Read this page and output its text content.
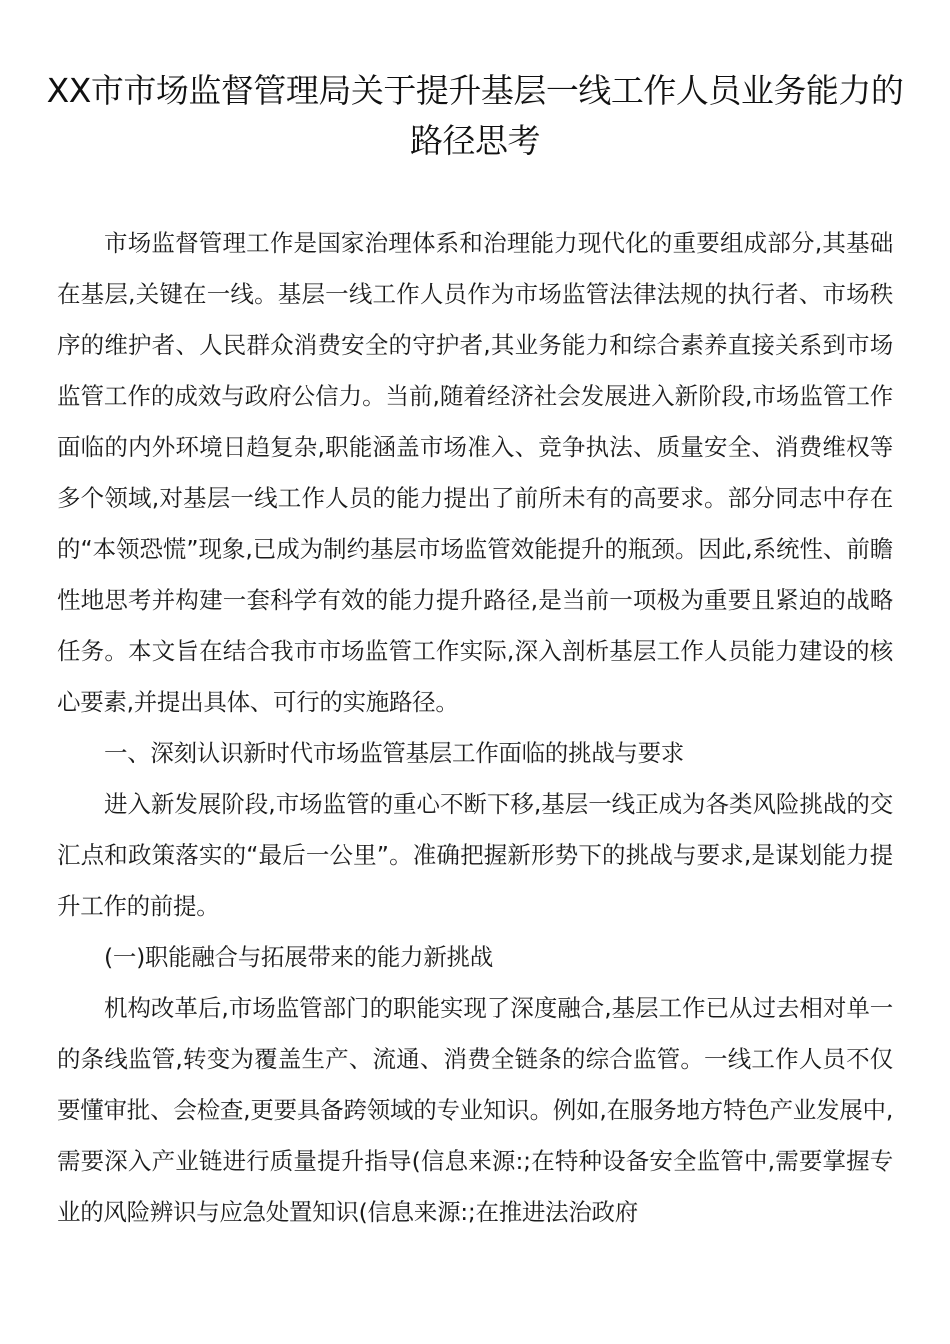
XX市市场监督管理局关于提升基层一线工作人员业务能力的路径思考

市场监督管理工作是国家治理体系和治理能力现代化的重要组成部分,其基础在基层,关键在一线。基层一线工作人员作为市场监管法律法规的执行者、市场秩序的维护者、人民群众消费安全的守护者,其业务能力和综合素养直接关系到市场监管工作的成效与政府公信力。当前,随着经济社会发展进入新阶段,市场监管工作面临的内外环境日趋复杂,职能涵盖市场准入、竞争执法、质量安全、消费维权等多个领域,对基层一线工作人员的能力提出了前所未有的高要求。部分同志中存在的“本领恐慌”现象,已成为制约基层市场监管效能提升的瓶颈。因此,系统性、前瞻性地思考并构建一套科学有效的能力提升路径,是当前一项极为重要且紧迫的战略任务。本文旨在结合我市市场监管工作实际,深入剖析基层工作人员能力建设的核心要素,并提出具体、可行的实施路径。

一、深刻认识新时代市场监管基层工作面临的挑战与要求

进入新发展阶段,市场监管的重心不断下移,基层一线正成为各类风险挑战的交汇点和政策落实的“最后一公里”。准确把握新形势下的挑战与要求,是谋划能力提升工作的前提。

(一)职能融合与拓展带来的能力新挑战

机构改革后,市场监管部门的职能实现了深度融合,基层工作已从过去相对单一的条线监管,转变为覆盖生产、流通、消费全链条的综合监管。一线工作人员不仅要懂审批、会检查,更要具备跨领域的专业知识。例如,在服务地方特色产业发展中,需要深入产业链进行质量提升指导(信息来源:;在特种设备安全监管中,需要掌握专业的风险辨识与应急处置知识(信息来源:;在推进法治政府
